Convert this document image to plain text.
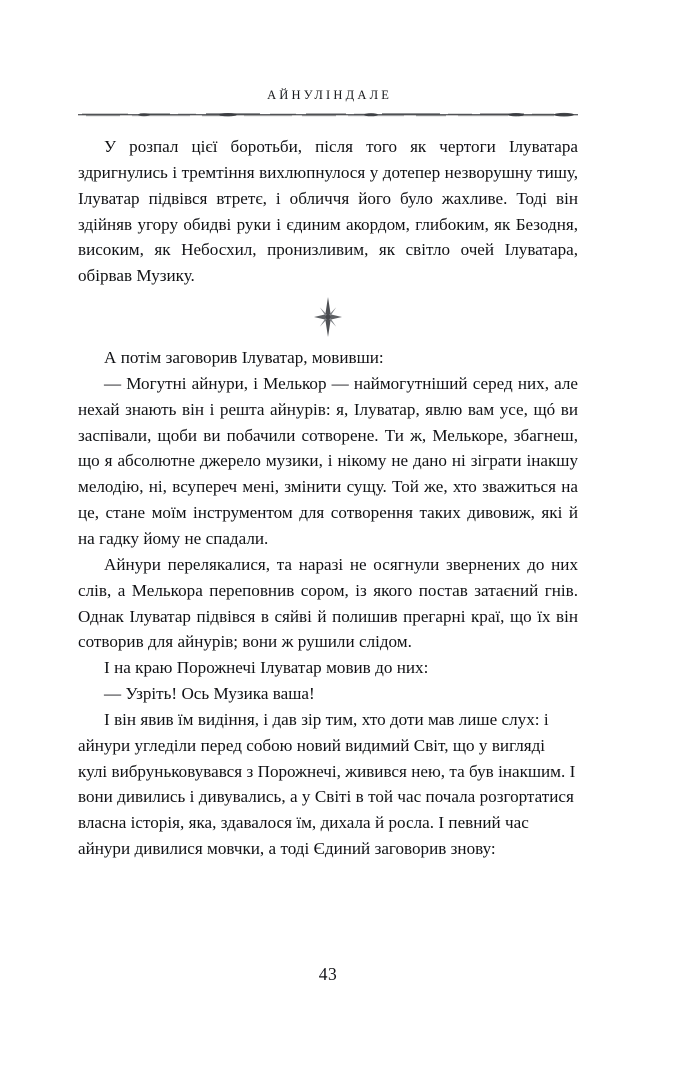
АЙНУЛІНДАЛЕ

У розпал цієї боротьби, після того як чертоги Ілуватара здригнулись і тремтіння вихлюпнулося у дотепер незворушну тишу, Ілуватар підвівся втретє, і обличчя його було жахливе. Тоді він здійняв угору обидві руки і єдиним акордом, глибоким, як Безодня, високим, як Небосхил, пронизливим, як світло очей Ілуватара, обірвав Музику.

А потім заговорив Ілуватар, мовивши:

— Могутні айнури, і Мелькор — наймогутніший серед них, але нехай знають він і решта айнурів: я, Ілуватар, явлю вам усе, щó ви заспівали, щоби ви побачили сотворене. Ти ж, Мелькоре, збагнеш, що я абсолютне джерело музики, і нікому не дано ні зіграти інакшу мелодію, ні, всупереч мені, змінити сущу. Той же, хто зважиться на це, стане моїм інструментом для сотворення таких дивовиж, які й на гадку йому не спадали.

Айнури перелякалися, та наразі не осягнули звернених до них слів, а Мелькора переповнив сором, із якого постав затаєний гнів. Однак Ілуватар підвівся в сяйві й полишив прегарні краї, що їх він сотворив для айнурів; вони ж рушили слідом.

І на краю Порожнечі Ілуватар мовив до них:

— Узріть! Ось Музика ваша!

І він явив їм видіння, і дав зір тим, хто доти мав лише слух: і айнури угледіли перед собою новий видимий Світ, що у вигляді кулі вибруньковувався з Порожнечі, живився нею, та був інакшим. І вони дивились і дивувались, а у Світі в той час почала розгортатися власна історія, яка, здавалося їм, дихала й росла. І певний час айнури дивилися мовчки, а тоді Єдиний заговорив знову:

43
